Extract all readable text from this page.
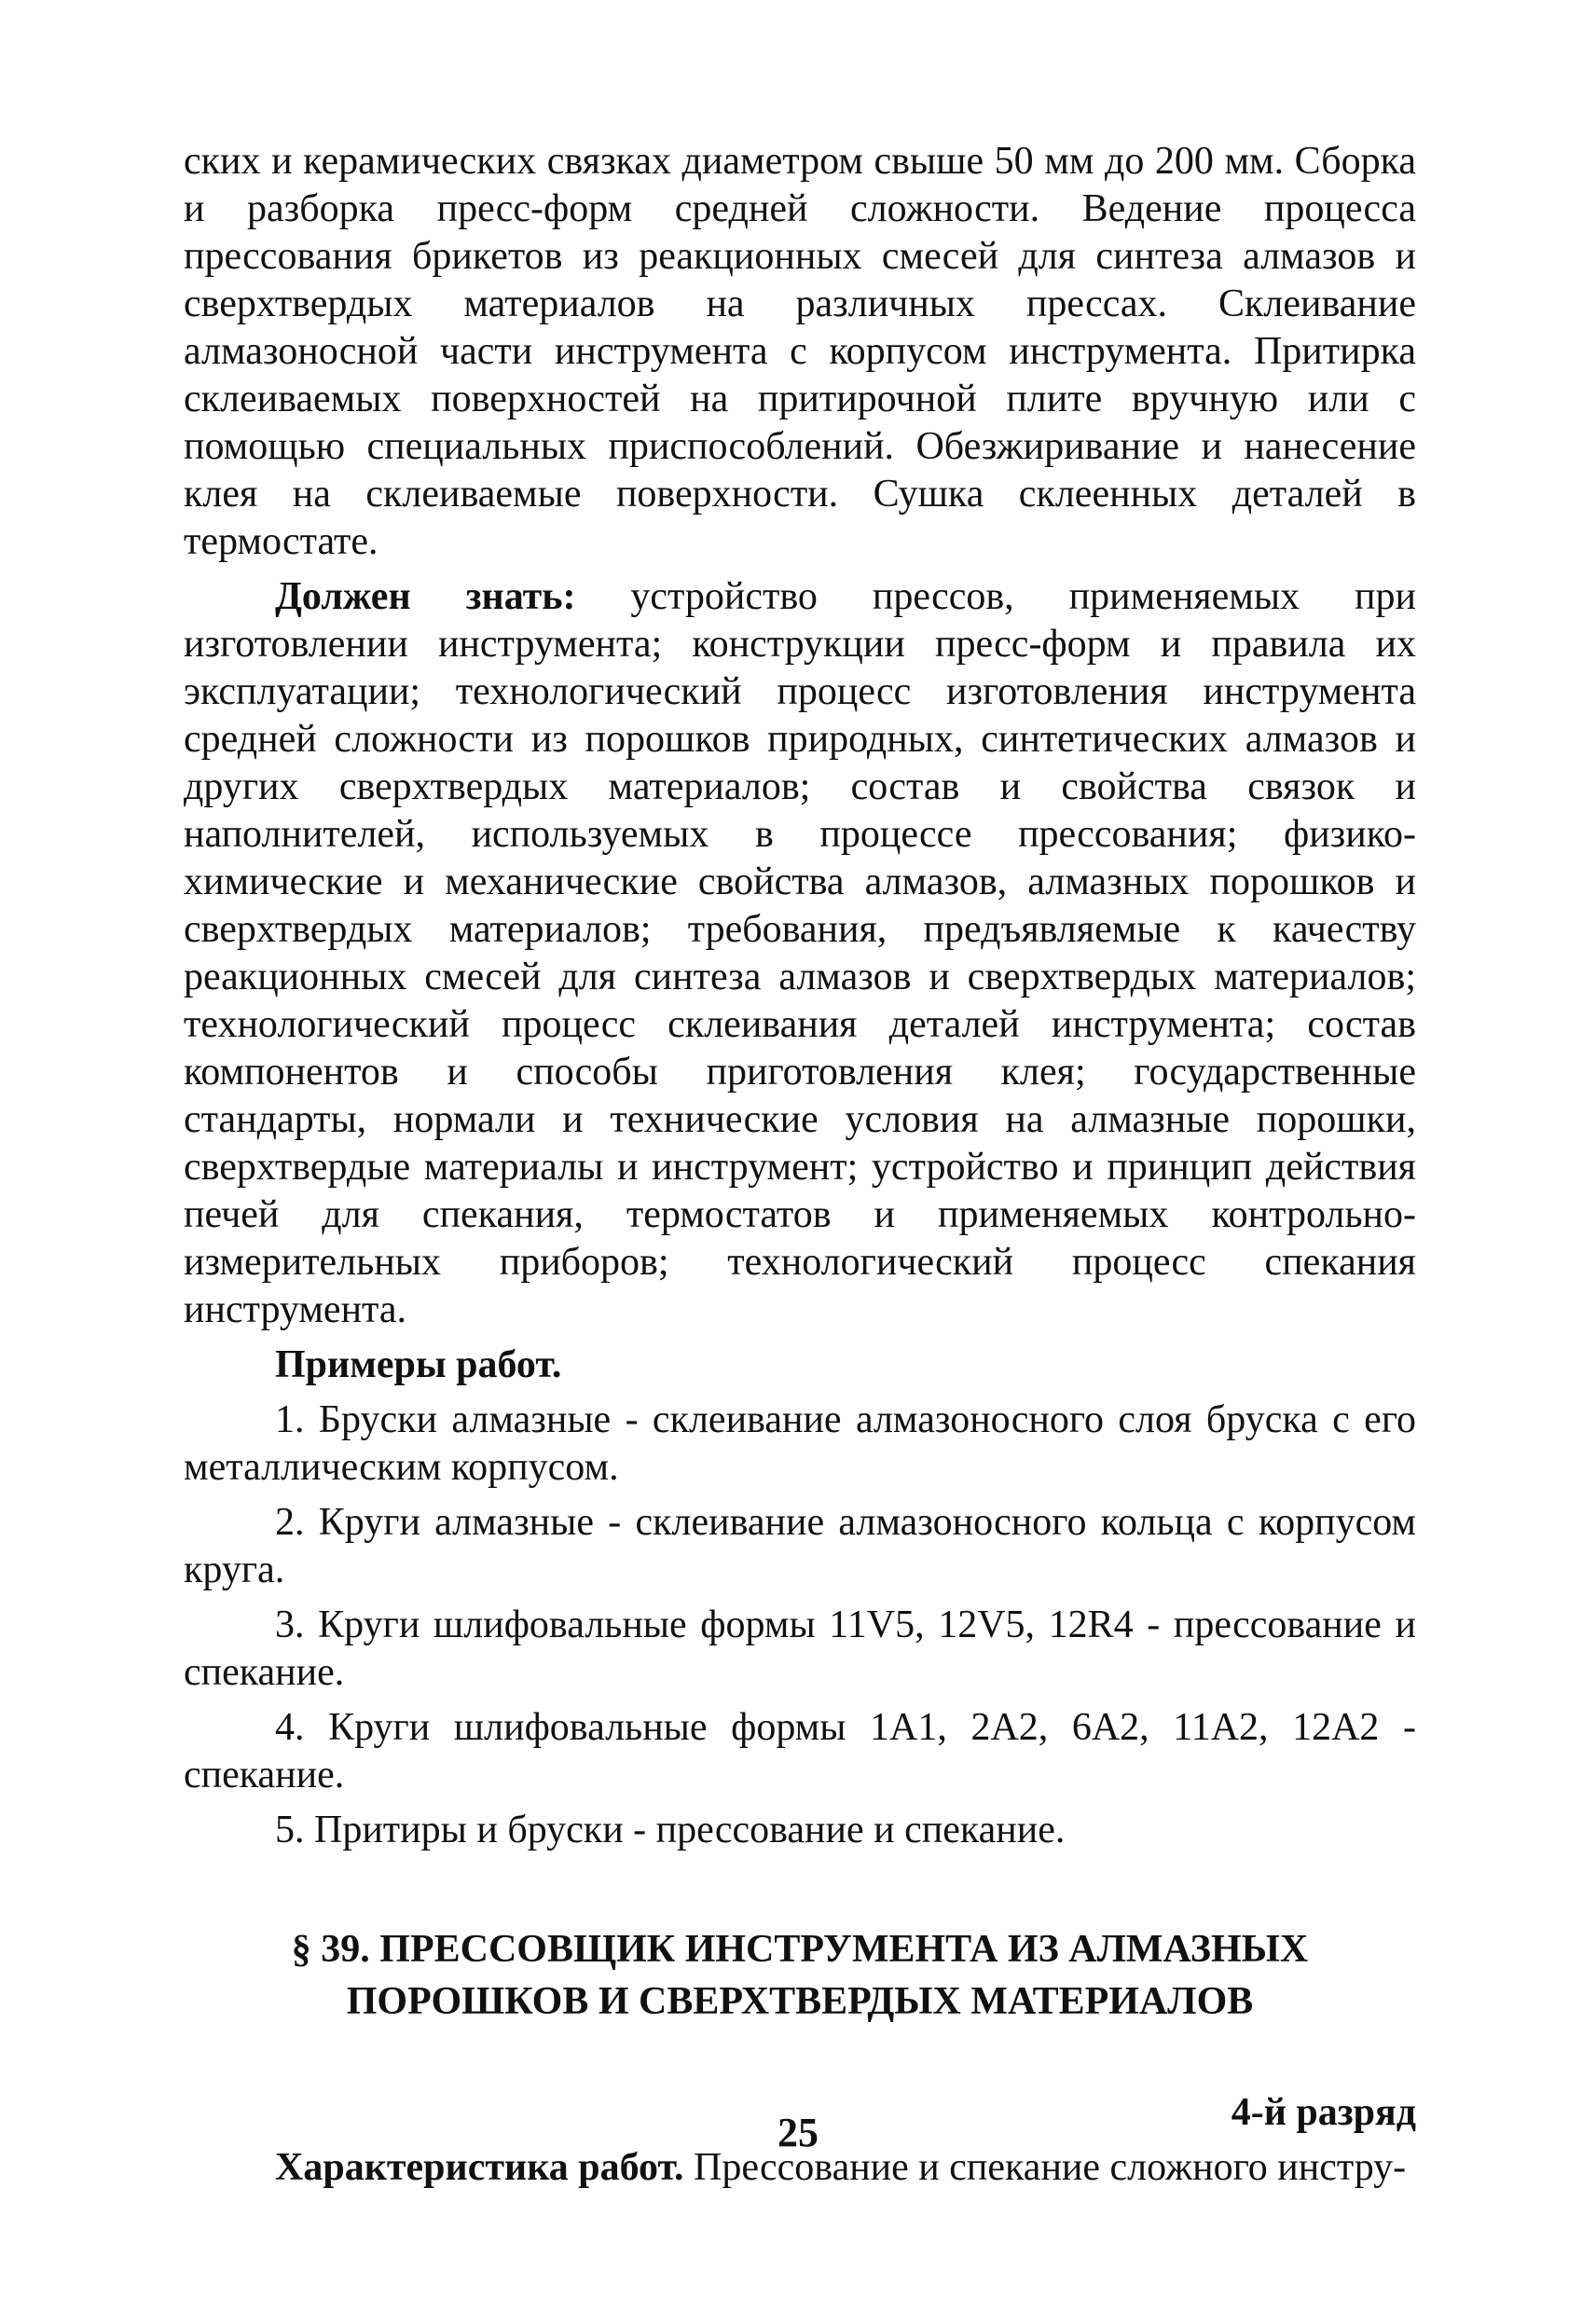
ских и керамических связках диаметром свыше 50 мм до 200 мм. Сборка и разборка пресс-форм средней сложности. Ведение процесса прессования брикетов из реакционных смесей для синтеза алмазов и сверхтвердых материалов на различных прессах. Склеивание алмазоносной части инструмента с корпусом инструмента. Притирка склеиваемых поверхностей на притирочной плите вручную или с помощью специальных приспособлений. Обезжиривание и нанесение клея на склеиваемые поверхности. Сушка склеенных деталей в термостате.

Должен знать: устройство прессов, применяемых при изготовлении инструмента; конструкции пресс-форм и правила их эксплуатации; технологический процесс изготовления инструмента средней сложности из порошков природных, синтетических алмазов и других сверхтвердых материалов; состав и свойства связок и наполнителей, используемых в процессе прессования; физико-химические и механические свойства алмазов, алмазных порошков и сверхтвердых материалов; требования, предъявляемые к качеству реакционных смесей для синтеза алмазов и сверхтвердых материалов; технологический процесс склеивания деталей инструмента; состав компонентов и способы приготовления клея; государственные стандарты, нормали и технические условия на алмазные порошки, сверхтвердые материалы и инструмент; устройство и принцип действия печей для спекания, термостатов и применяемых контрольно-измерительных приборов; технологический процесс спекания инструмента.

Примеры работ.

1. Бруски алмазные - склеивание алмазоносного слоя бруска с его металлическим корпусом.

2. Круги алмазные - склеивание алмазоносного кольца с корпусом круга.

3. Круги шлифовальные формы 11V5, 12V5, 12R4 - прессование и спекание.

4. Круги шлифовальные формы 1A1, 2A2, 6A2, 11A2, 12A2 - спекание.

5. Притиры и бруски - прессование и спекание.

§ 39. ПРЕССОВЩИК ИНСТРУМЕНТА ИЗ АЛМАЗНЫХ
ПОРОШКОВ И СВЕРХТВЕРДЫХ МАТЕРИАЛОВ

4-й разряд

Характеристика работ. Прессование и спекание сложного инстру-

25
